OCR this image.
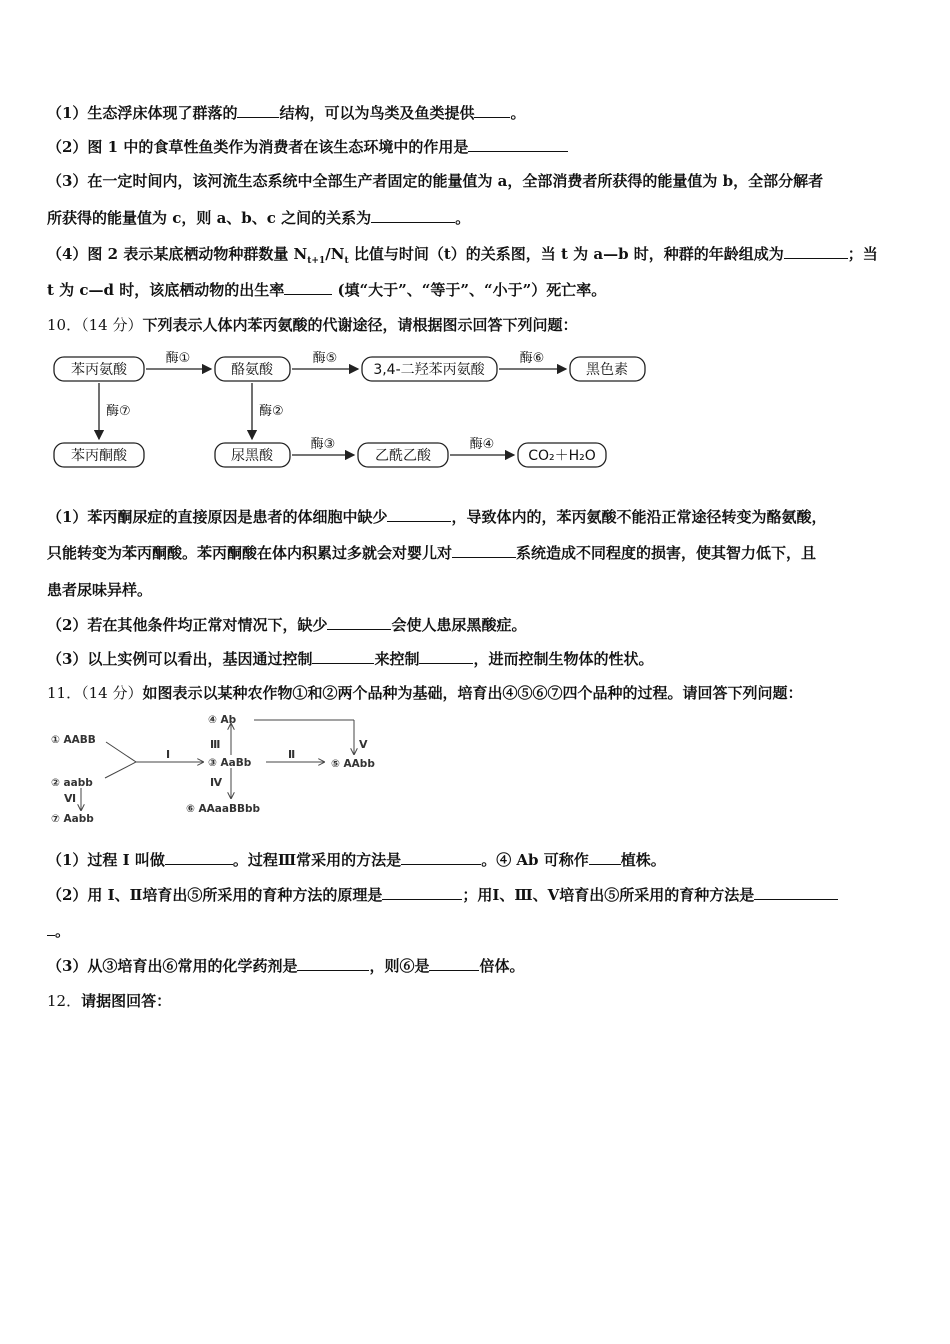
（1）生态浮床体现了群落的	结构，可以为鸟类及鱼类提供 。
（2）图 1 中的食草性鱼类作为消费者在该生态环境中的作用是
（3）在一定时间内，该河流生态系统中全部生产者固定的能量值为 a，全部消费者所获得的能量值为 b，全部分解者
所获得的能量值为 c，则 a、b、c 之间的关系为	。
（4）图 2 表示某底栖动物种群数量 $N_{t+1}/N_t$ 比值与时间（t）的关系图，当 t 为 a—b 时，种群的年龄组成为	；当
t 为 c—d 时，该底栖动物的出生率	(填“大于”、“等于”、“小于”）死亡率。
10．（14 分）下列表示人体内苯丙氨酸的代谢途径，请根据图示回答下列问题：
苯丙氨酸	酪氨酸	3,4-二羟苯丙氨酸	黑色素
苯丙酮酸	尿黑酸	乙酰乙酸	CO₂＋H₂O
酶①	酶⑤	酶⑥
酶⑦	酶②
酶③	酶④
（1）苯丙酮尿症的直接原因是患者的体细胞中缺少	，导致体内的，苯丙氨酸不能沿正常途径转变为酪氨酸，
只能转变为苯丙酮酸。苯丙酮酸在体内积累过多就会对婴儿对	系统造成不同程度的损害，使其智力低下，且
患者尿味异样。
（2）若在其他条件均正常对情况下，缺少	会使人患尿黑酸症。
（3）以上实例可以看出，基因通过控制	来控制	，进而控制生物体的性状。
11．（14 分）如图表示以某种农作物①和②两个品种为基础，培育出④⑤⑥⑦四个品种的过程。请回答下列问题：
① AABB
② aabb
③ AaBb
④ Ab
⑤ AAbb
⑥ AAaaBBbb
⑦ Aabb
I	Ⅱ
Ⅲ
Ⅳ
Ⅴ
Ⅵ
（1）过程 I 叫做	。过程Ⅲ常采用的方法是	。④ Ab 可称作 植株。
（2）用 I、Ⅱ培育出⑤所采用的育种方法的原理是	；用Ⅰ、Ⅲ、Ⅴ培育出⑤所采用的育种方法是
。
（3）从③培育出⑥常用的化学药剂是	，则⑥是	倍体。
12．请据图回答：
